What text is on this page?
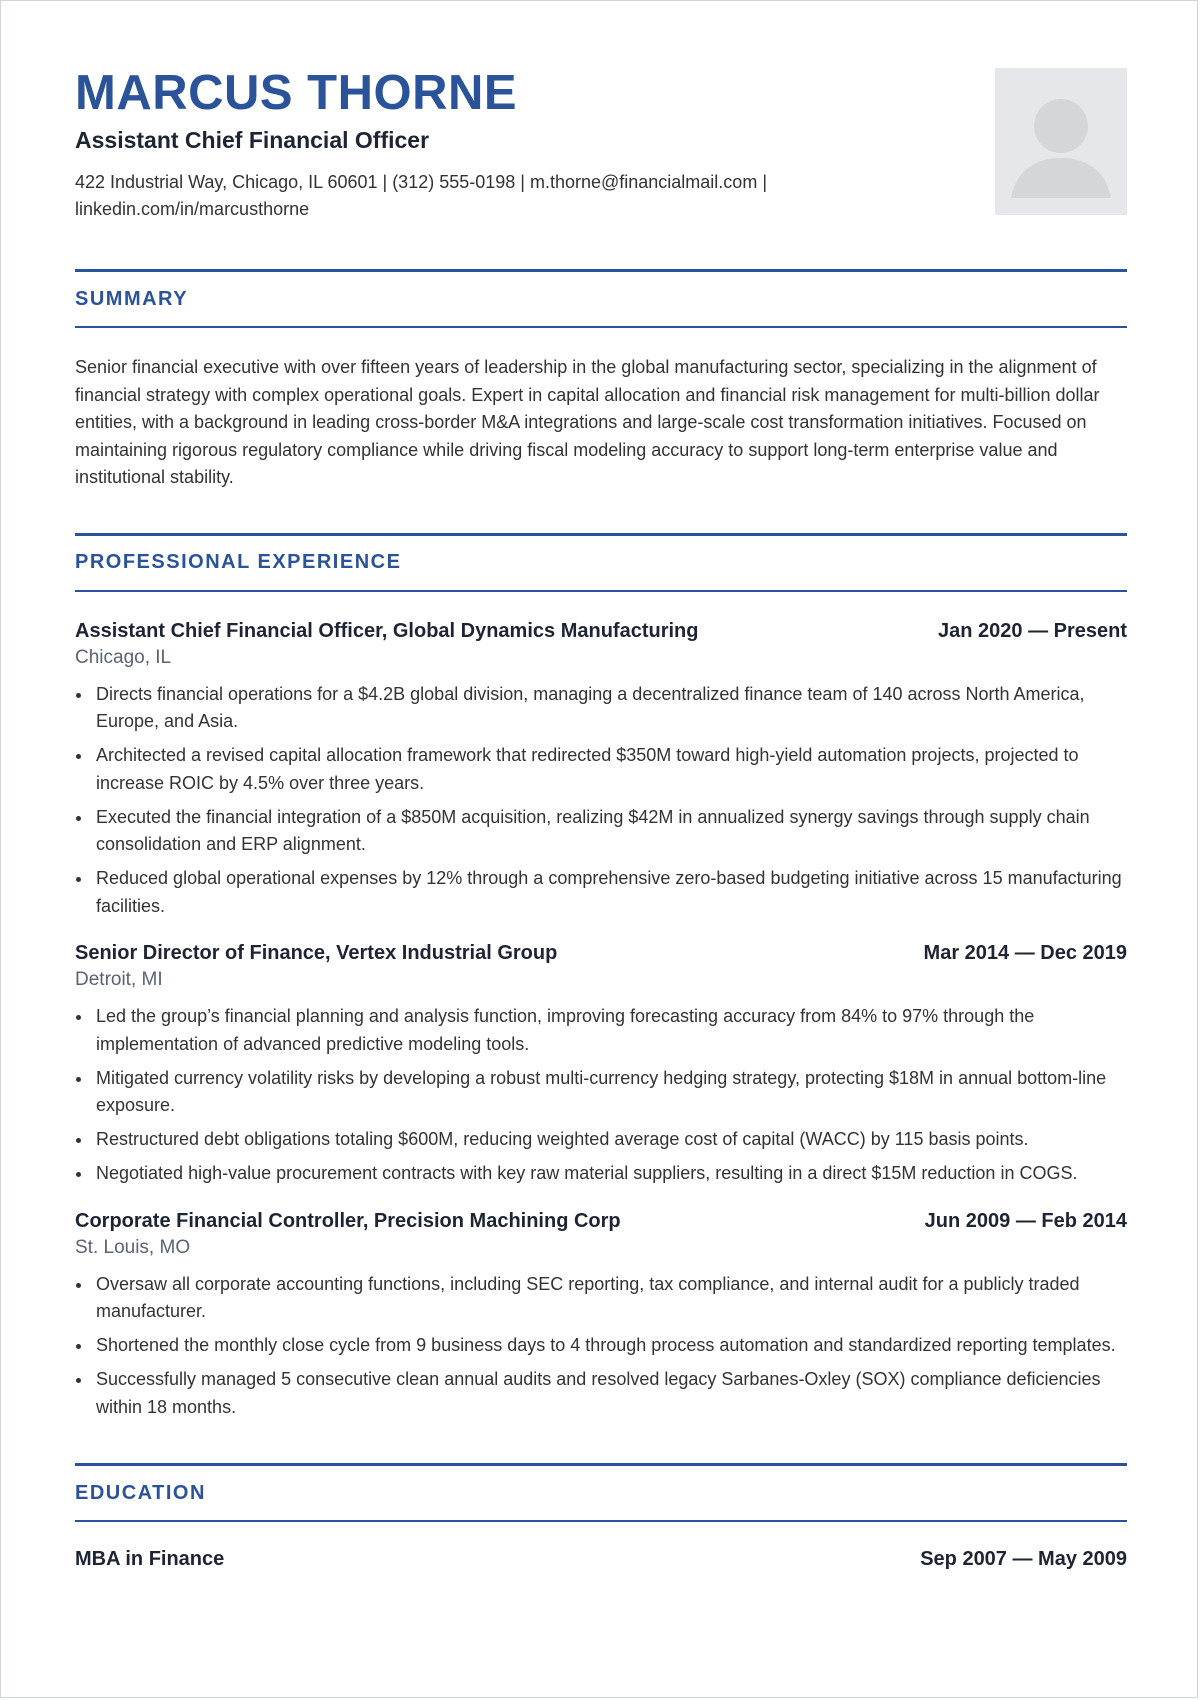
MARCUS THORNE
Assistant Chief Financial Officer
422 Industrial Way, Chicago, IL 60601 | (312) 555-0198 | m.thorne@financialmail.com | linkedin.com/in/marcusthorne
SUMMARY

Senior financial executive with over fifteen years of leadership in the global manufacturing sector, specializing in the alignment of financial strategy with complex operational goals. Expert in capital allocation and financial risk management for multi-billion dollar entities, with a background in leading cross-border M&A integrations and large-scale cost transformation initiatives. Focused on maintaining rigorous regulatory compliance while driving fiscal modeling accuracy to support long-term enterprise value and institutional stability.

PROFESSIONAL EXPERIENCE
Assistant Chief Financial Officer, Global Dynamics Manufacturing	Jan 2020 — Present
Chicago, IL
Directs financial operations for a $4.2B global division, managing a decentralized finance team of 140 across North America, Europe, and Asia.
Architected a revised capital allocation framework that redirected $350M toward high-yield automation projects, projected to increase ROIC by 4.5% over three years.
Executed the financial integration of a $850M acquisition, realizing $42M in annualized synergy savings through supply chain consolidation and ERP alignment.
Reduced global operational expenses by 12% through a comprehensive zero-based budgeting initiative across 15 manufacturing facilities.
Senior Director of Finance, Vertex Industrial Group	Mar 2014 — Dec 2019
Detroit, MI
Led the group’s financial planning and analysis function, improving forecasting accuracy from 84% to 97% through the implementation of advanced predictive modeling tools.
Mitigated currency volatility risks by developing a robust multi-currency hedging strategy, protecting $18M in annual bottom-line exposure.
Restructured debt obligations totaling $600M, reducing weighted average cost of capital (WACC) by 115 basis points.
Negotiated high-value procurement contracts with key raw material suppliers, resulting in a direct $15M reduction in COGS.
Corporate Financial Controller, Precision Machining Corp	Jun 2009 — Feb 2014
St. Louis, MO
Oversaw all corporate accounting functions, including SEC reporting, tax compliance, and internal audit for a publicly traded manufacturer.
Shortened the monthly close cycle from 9 business days to 4 through process automation and standardized reporting templates.
Successfully managed 5 consecutive clean annual audits and resolved legacy Sarbanes-Oxley (SOX) compliance deficiencies within 18 months.
EDUCATION
MBA in Finance	Sep 2007 — May 2009
